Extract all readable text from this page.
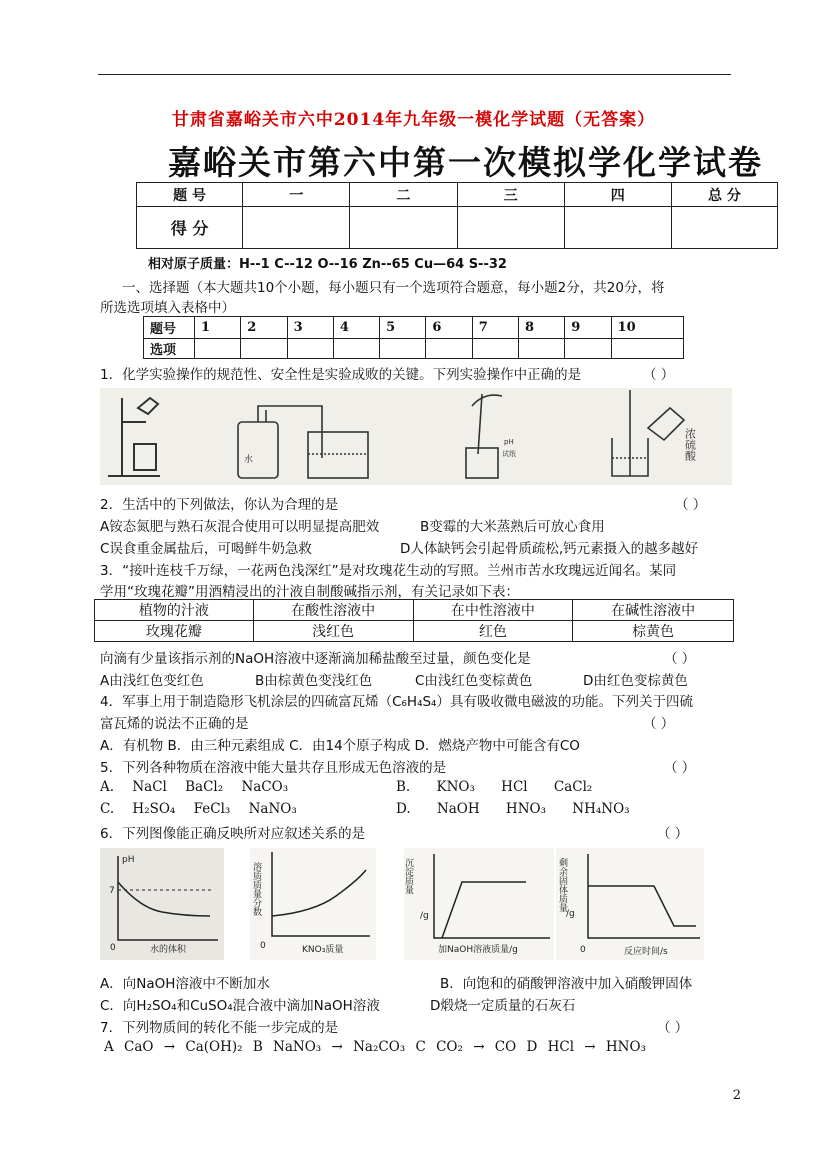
甘肃省嘉峪关市六中2014年九年级一模化学试题（无答案）
嘉峪关市第六中第一次模拟学化学试卷
题 号	一	二	三	四	总 分
得 分					
相对原子质量：H--1 C--12 O--16 Zn--65 Cu—64 S--32
一、选择题（本大题共10个小题，每小题只有一个选项符合题意，每小题2分，共20分，将
所选选项填入表格中）
题号	1	2	3	4	5	6	7	8	9	10
选项										
1．化学实验操作的规范性、安全性是实验成败的关键。下列实验操作中正确的是	（ ）
水
pH
试纸	浓硫酸
2．生活中的下列做法，你认为合理的是	（ ）
A铵态氮肥与熟石灰混合使用可以明显提高肥效	B变霉的大米蒸熟后可放心食用
C误食重金属盐后，可喝鲜牛奶急救	D人体缺钙会引起骨质疏松,钙元素摄入的越多越好
3．“接叶连枝千万绿，一花两色浅深红”是对玫瑰花生动的写照。兰州市苦水玫瑰远近闻名。某同
学用“玫瑰花瓣”用酒精浸出的汁液自制酸碱指示剂，有关记录如下表：
植物的汁液	在酸性溶液中	在中性溶液中	在碱性溶液中
玫瑰花瓣	浅红色	红色	棕黄色
向滴有少量该指示剂的NaOH溶液中逐渐滴加稀盐酸至过量，颜色变化是	（ ）
A由浅红色变红色	B由棕黄色变浅红色	C由浅红色变棕黄色	D由红色变棕黄色
4．军事上用于制造隐形飞机涂层的四硫富瓦烯（C₆H₄S₄）具有吸收微电磁波的功能。下列关于四硫
富瓦烯的说法不正确的是	（ ）
A．有机物 B．由三种元素组成 C．由14个原子构成 D．燃烧产物中可能含有CO
5．下列各种物质在溶液中能大量共存且形成无色溶液的是	（ ）
A. NaCl BaCl₂ NaCO₃	B. KNO₃ HCl CaCl₂
C. H₂SO₄ FeCl₃ NaNO₃	D. NaOH HNO₃ NH₄NO₃
6．下列图像能正确反映所对应叙述关系的是	（ ）
pH
7
0	水的体积
溶质质量分数
0	KNO₃质量
沉淀质量
/g
加NaOH溶液质量/g
剩余固体质量
/g
0	反应时间/s
A．向NaOH溶液中不断加水	B．向饱和的硝酸钾溶液中加入硝酸钾固体
C．向H₂SO₄和CuSO₄混合液中滴加NaOH溶液	D煅烧一定质量的石灰石
7．下列物质间的转化不能一步完成的是	（ ）
A CaO → Ca(OH)₂ B NaNO₃ → Na₂CO₃ C CO₂ → CO D HCl → HNO₃
2
